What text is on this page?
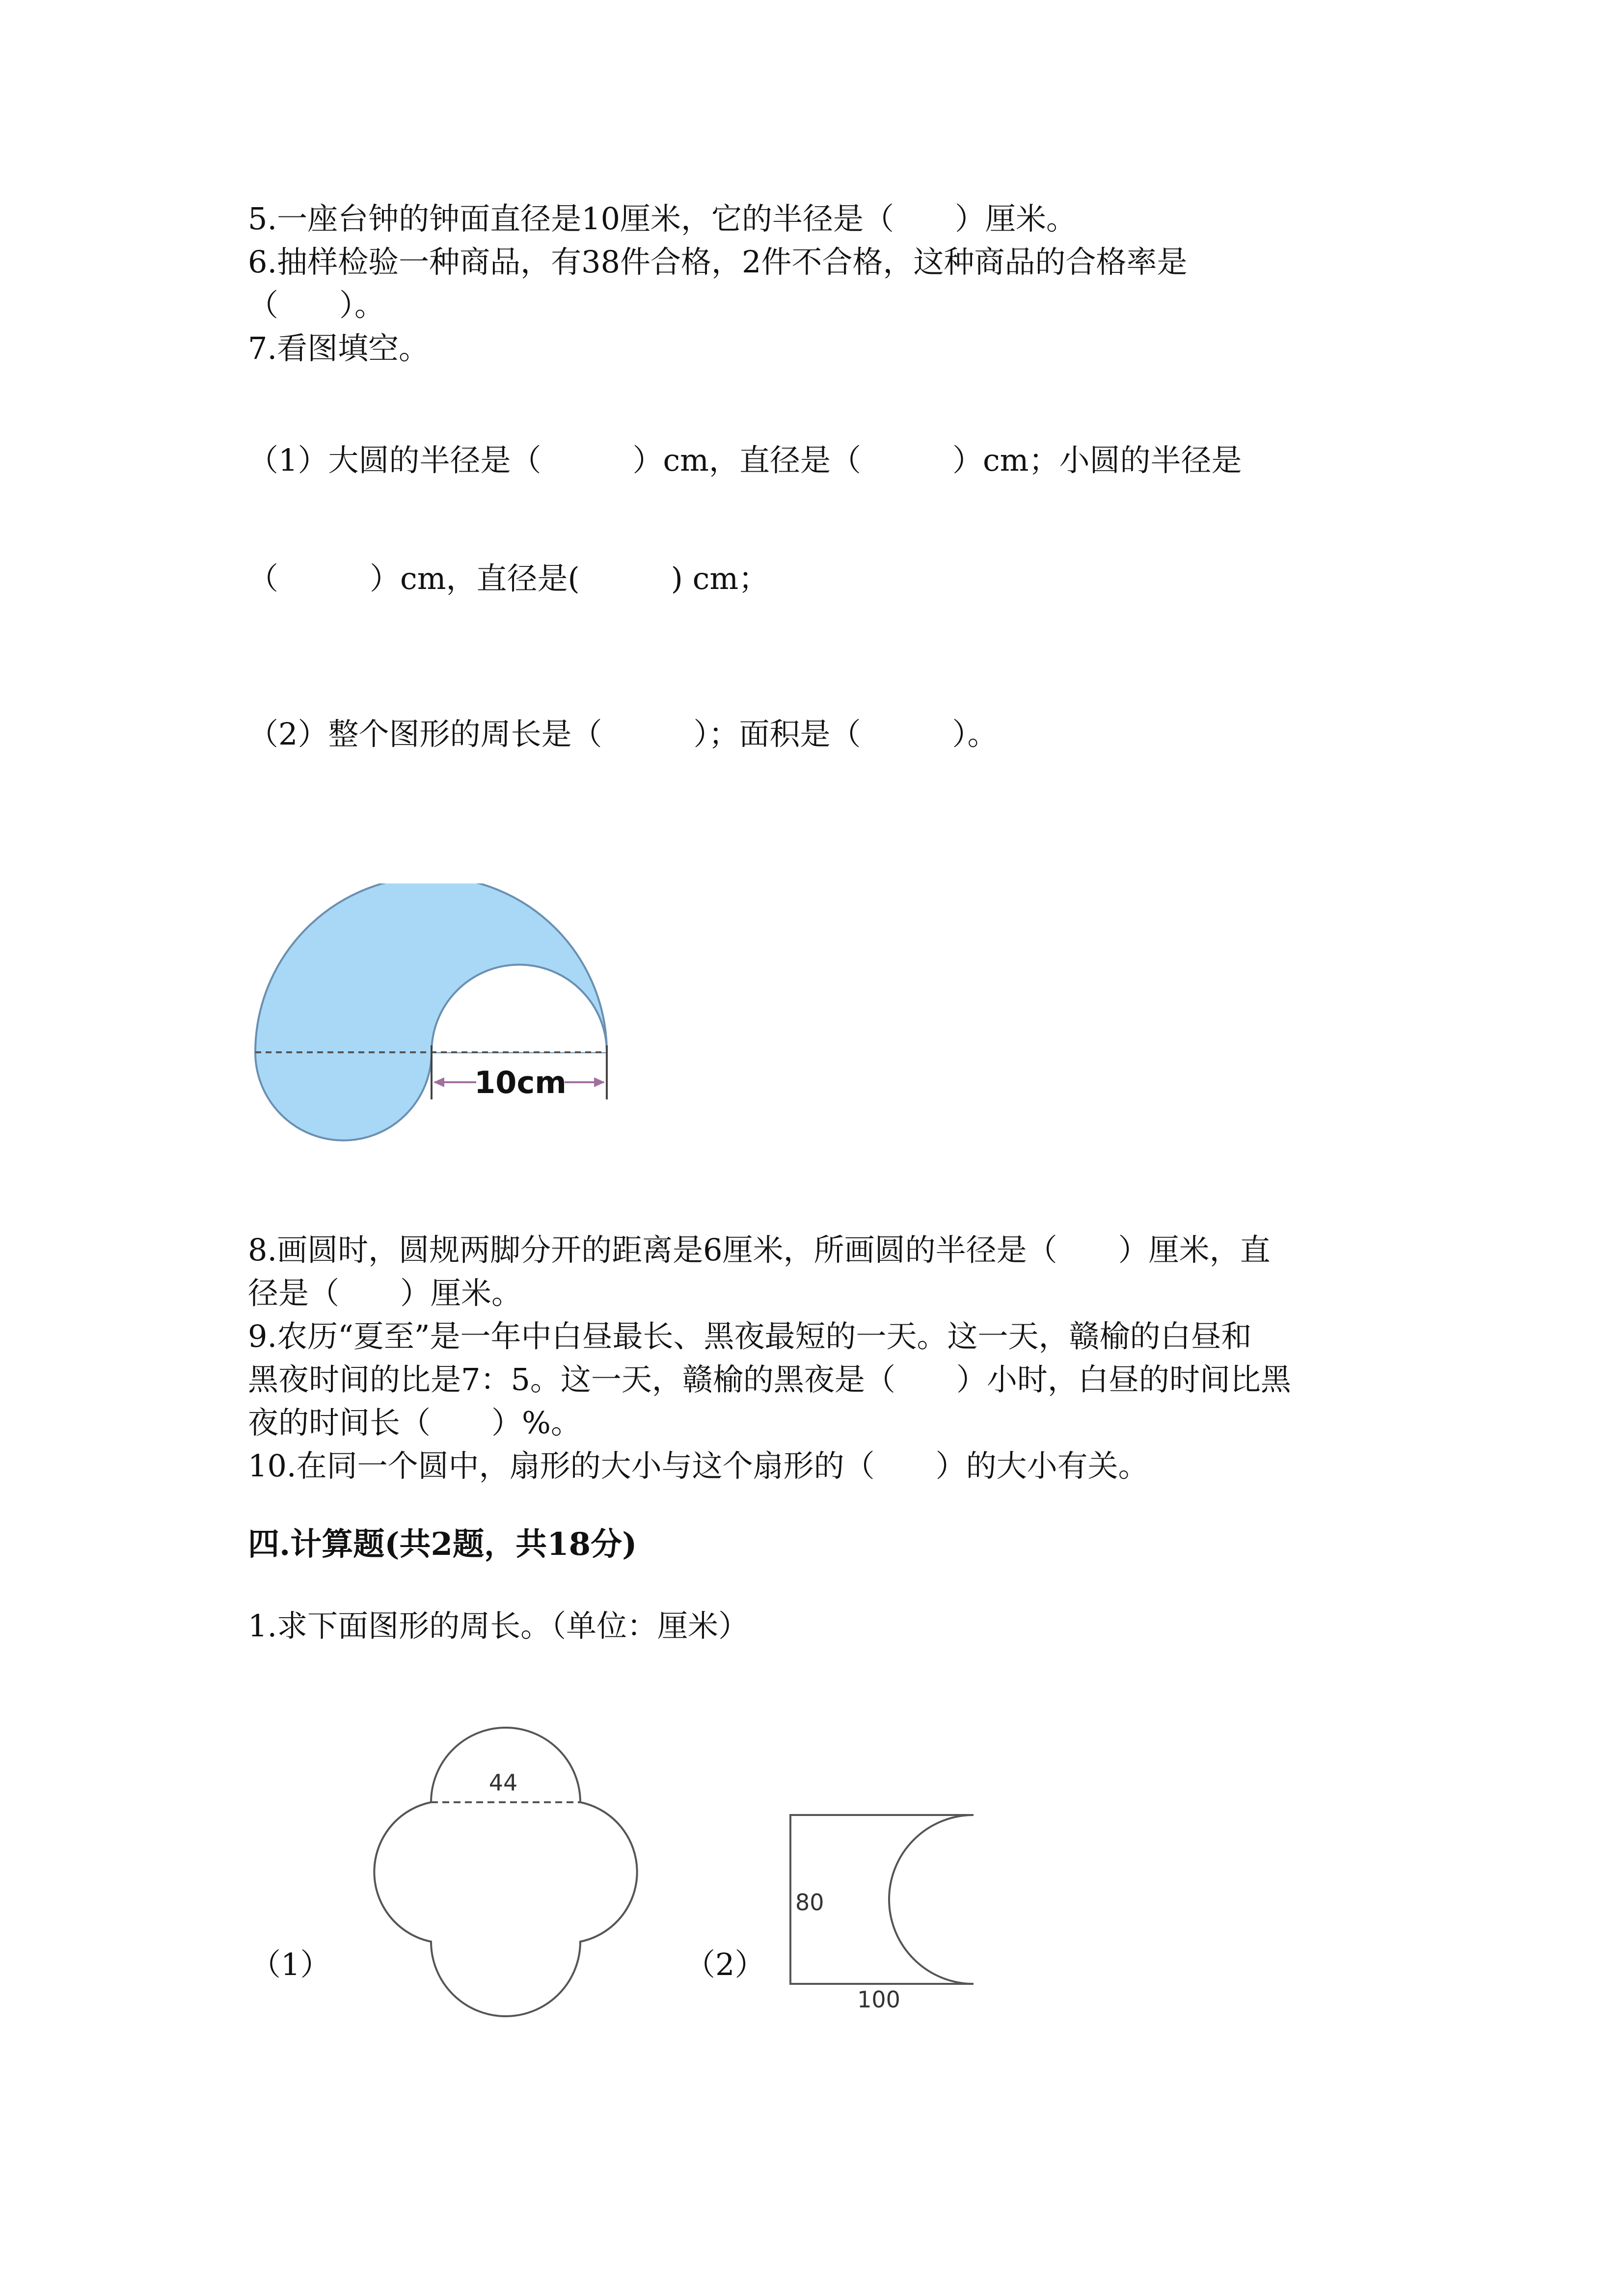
5.一座台钟的钟面直径是10厘米，它的半径是（　　）厘米。
6.抽样检验一种商品，有38件合格，2件不合格，这种商品的合格率是
（　　）。
7.看图填空。
（1）大圆的半径是（　　　）cm，直径是（　　　）cm；小圆的半径是
（　　　）cm，直径是(　　　) cm；
（2）整个图形的周长是（　　　）；面积是（　　　）。
10cm
8.画圆时，圆规两脚分开的距离是6厘米，所画圆的半径是（　　）厘米，直
径是（　　）厘米。
9.农历“夏至”是一年中白昼最长、黑夜最短的一天。这一天，赣榆的白昼和
黑夜时间的比是7：5。这一天，赣榆的黑夜是（　　）小时，白昼的时间比黑
夜的时间长（　　）%。
10.在同一个圆中，扇形的大小与这个扇形的（　　）的大小有关。
四.计算题(共2题，共18分)
1.求下面图形的周长。（单位：厘米）
（1）
44
（2）
80
100
